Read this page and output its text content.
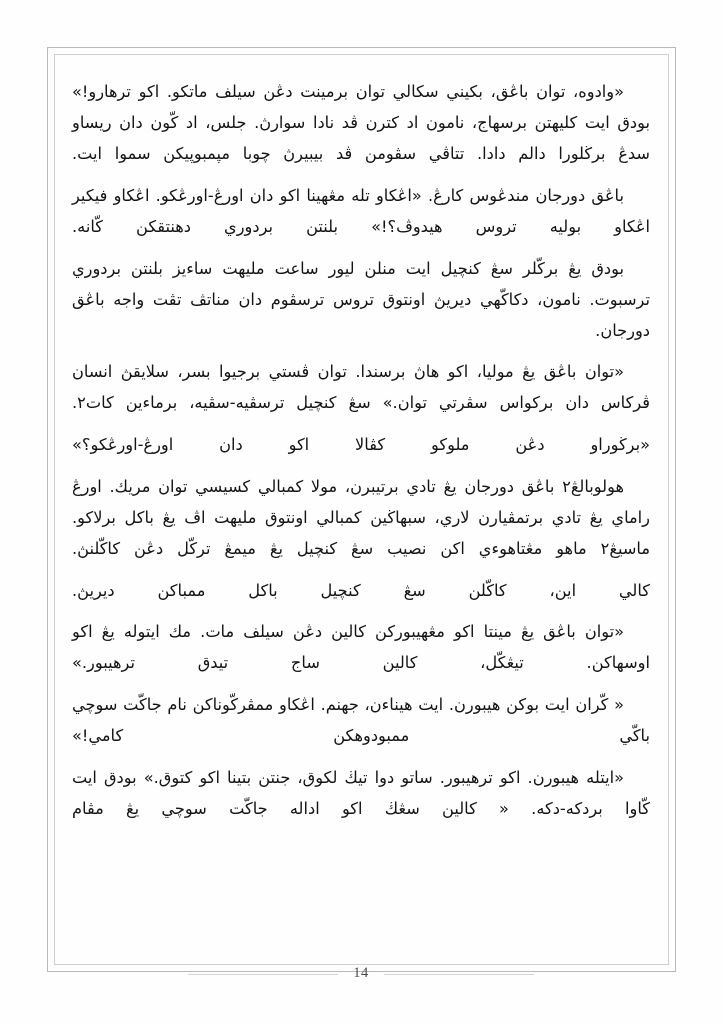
«وادوه، توان باڠق، بكيني سكالي توان برمينت دڠن سيلف ماتكو. اكو ترهارو!» بودق ايت كليهتن برسهاج، نامون اد كترن ڤد نادا سوارڽ. جلس، اد كّون دان ريساو سدڠ برڬلورا دالم دادا. تتاڤي سڤومن ڤد بيبيرڽ چوبا مڽمبوڽيكن سموا ايت.

باڠق دورجان مندڠوس كارڠ. «اڠكاو تله مڠهينا اكو دان اورڠ-اورڠكو. اڠكاو فيكير اڠكاو بوليه تروس هيدوڤ؟!» بلنتن بردوري دهنتقكن كّانه.

بودق يڠ بركّلر سڠ كنچيل ايت منلن ليور ساعت مليهت ساءيز بلنتن بردوري ترسبوت. نامون، دكاكّهي ديريڽ اونتوق تروس ترسڤوم دان مناتڤ تڤت واجه باڠق دورجان.

«توان باڠق يڠ موليا، اكو هاڽ برسندا. توان ڤستي برجيوا بسر، سلايقڽ انسان ڤركاس دان بركواس سڤرتي توان.» سڠ كنچيل ترسڤيه-سڤيه، برماءين كات٢.

«برڬوراو دڠن ملوكو كڤالا اكو دان اورڠ-اورڠكو؟»

هولوبالڠ٢ باڠق دورجان يڠ تادي برتيبرن، مولا كمبالي كسيسي توان مريك. اورڠ راماي يڠ تادي برتمڤيارن لاري، سبهاڬين كمبالي اونتوق مليهت اڤ يڠ باكل برلاكو. ماسيڠ٢ ماهو مڠتاهوءي اكن نصيب سڠ كنچيل يڠ ميمڠ تركّل دڠن كاكّلنڽ.

كالي اين، كاكّلن سڠ كنچيل باكل ممباكن ديريڽ.

«توان باڠق يڠ مينتا اكو مڠهيبوركن كالين دڠن سيلف مات. مك ايتوله يڠ اكو اوسهاكن. تيڠكّل، كالين ساج تيدق ترهيبور.»

« كّران ايت بوكن هيبورن. ايت هيناءن، جهنم. اڠكاو ممڤركّوناكن نام جاكّت سوچي باكّي ممبودوهكن كامي!»

«ايتله هيبورن. اكو ترهيبور. ساتو دوا تيڬ لكوق، جنتن بتينا اكو كتوق.» بودق ايت كّاوا بردكه-دكه. « كالين سڠڬ اكو اداله جاكّت سوچي يڠ مڤام

14
